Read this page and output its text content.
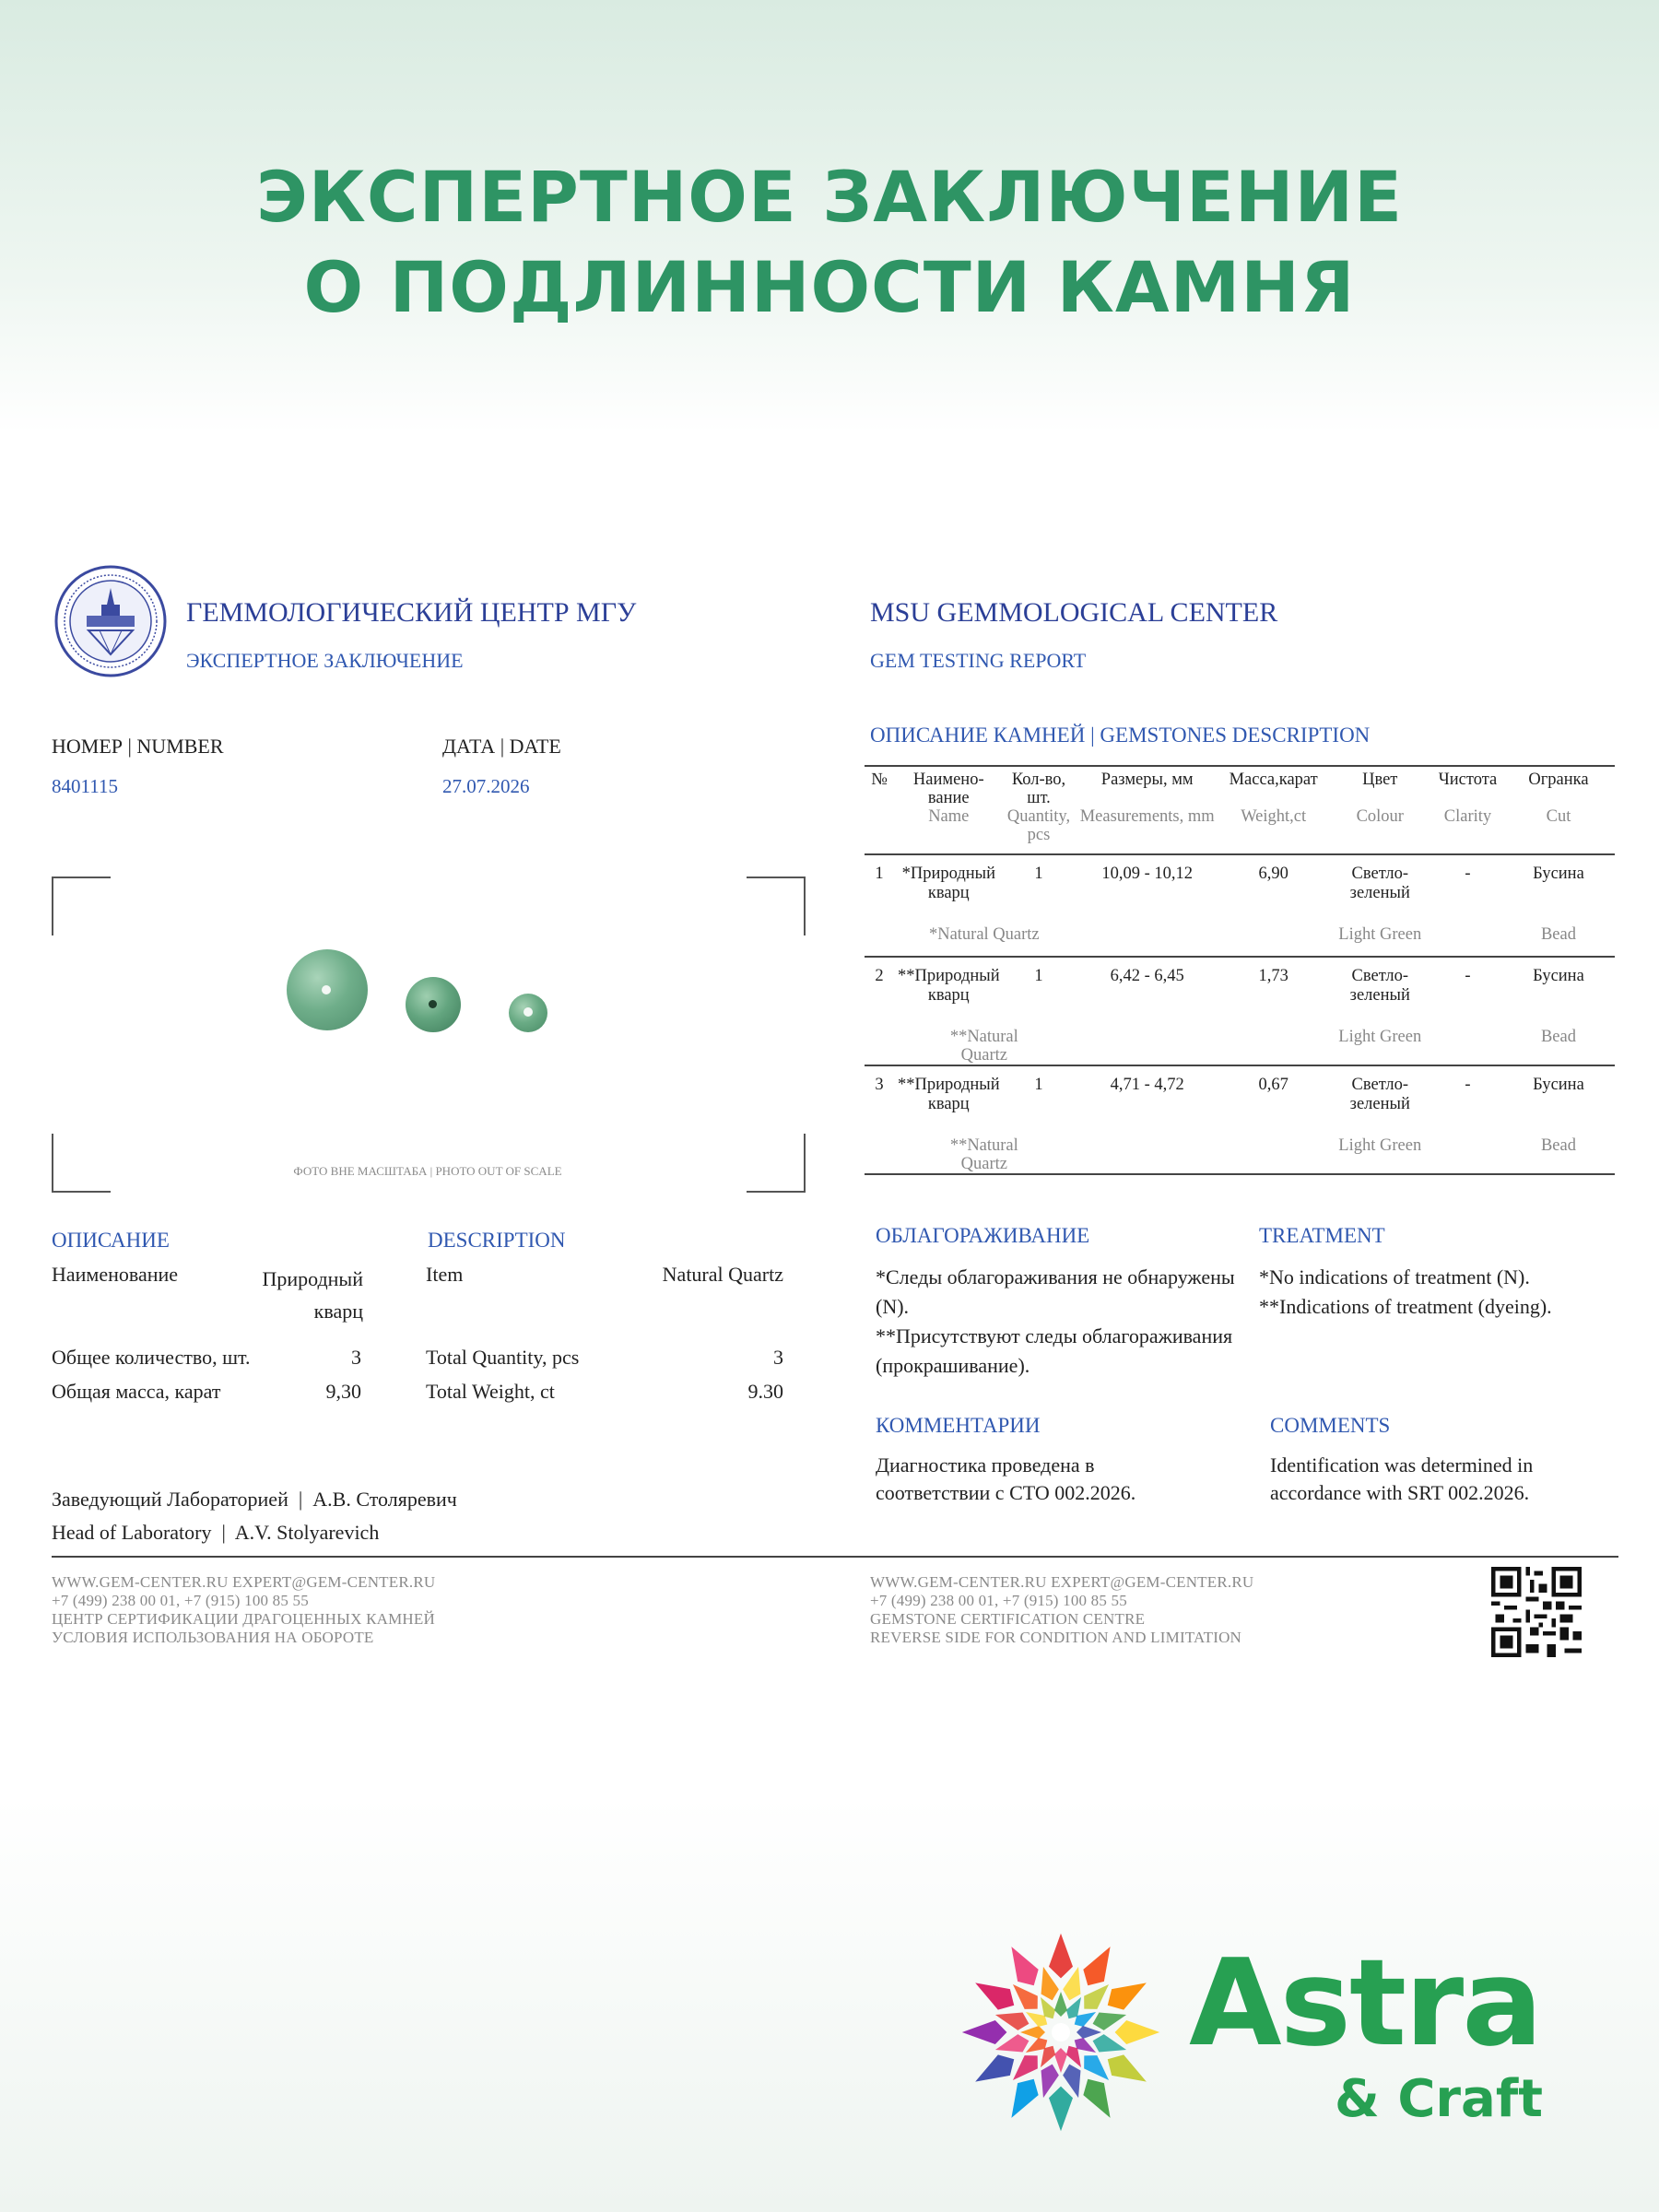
ЭКСПЕРТНОЕ ЗАКЛЮЧЕНИЕ
О ПОДЛИННОСТИ КАМНЯ
ГЕММОЛОГИЧЕСКИЙ ЦЕНТР МГУ
ЭКСПЕРТНОЕ ЗАКЛЮЧЕНИЕ
НОМЕР | NUMBER
8401115
ДАТА | DATE
27.07.2026
ФОТО ВНЕ МАСШТАБА | PHOTO OUT OF SCALE
ОПИСАНИЕ	DESCRIPTION
Наименование	Природный кварц
Item	Natural Quartz
Общее количество, шт.	3	Total Quantity, pcs	3
Общая масса, карат	9,30	Total Weight, ct	9.30
Заведующий Лабораторией  |  А.В. Столяревич
Head of Laboratory  |  A.V. Stolyarevich
MSU GEMMOLOGICAL CENTER
GEM TESTING REPORT
ОПИСАНИЕ КАМНЕЙ | GEMSTONES DESCRIPTION
№	Наимено- вание	Кол-во, шт.	Размеры, мм	Масса,карат	Цвет	Чистота	Огранка
	Name	Quantity, pcs	Measurements, mm	Weight,ct	Colour	Clarity	Cut
1	*Природный кварц	1	10,09 - 10,12	6,90	Светло- зеленый	-	Бусина
	*Natural Quartz				Light Green		Bead
2	**Природный кварц	1	6,42 - 6,45	1,73	Светло- зеленый	-	Бусина
	**Natural Quartz				Light Green		Bead
3	**Природный кварц	1	4,71 - 4,72	0,67	Светло- зеленый	-	Бусина
	**Natural Quartz				Light Green		Bead
ОБЛАГОРАЖИВАНИЕ	TREATMENT
*Следы облагораживания не обнаружены (N).
**Присутствуют следы облагораживания (прокрашивание).
*No indications of treatment (N).
**Indications of treatment (dyeing).
КОММЕНТАРИИ	COMMENTS
Диагностика проведена в соответствии с СТО 002.2026.
Identification was determined in accordance with SRT 002.2026.
WWW.GEM-CENTER.RU EXPERT@GEM-CENTER.RU
+7 (499) 238 00 01, +7 (915) 100 85 55
ЦЕНТР СЕРТИФИКАЦИИ ДРАГОЦЕННЫХ КАМНЕЙ
УСЛОВИЯ ИСПОЛЬЗОВАНИЯ НА ОБОРОТЕ
WWW.GEM-CENTER.RU EXPERT@GEM-CENTER.RU
+7 (499) 238 00 01, +7 (915) 100 85 55
GEMSTONE CERTIFICATION CENTRE
REVERSE SIDE FOR CONDITION AND LIMITATION
Astra
& Craft
